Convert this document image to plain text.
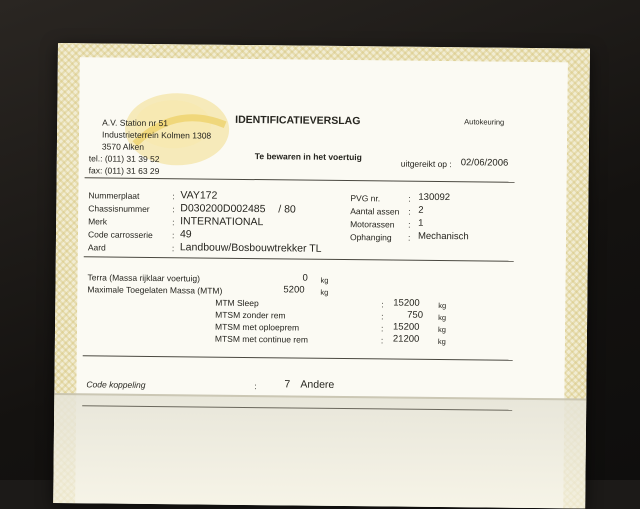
A.V. Station nr 51
Industrieterrein Kolmen 1308
3570 Alken
tel.: (011) 31 39 52
fax: (011) 31 63 29
IDENTIFICATIEVERSLAG	Autokeuring
Te bewaren in het voertuig
uitgereikt op : 02/06/2006
Nummerplaat	VAY172
Chassisnummer	D030200D002485 / 80
Merk	INTERNATIONAL
Code carrosserie	49
Aard	Landbouw/Bosbouwtrekker TL
:
:
:
:
:
PVG nr.	130092
Aantal assen 2
Motorassen 1
Ophanging	Mechanisch
:
:
:
:
Terra (Massa rijklaar voertuig)	0 kg
Maximale Toegelaten Massa (MTM)	5200 kg
MTM Sleep	15200 kg
MTSM zonder rem	750 kg
MTSM met oploeprem	15200 kg
MTSM met continue rem	21200 kg
:
:
:
:
Code koppeling	7 Andere
:
